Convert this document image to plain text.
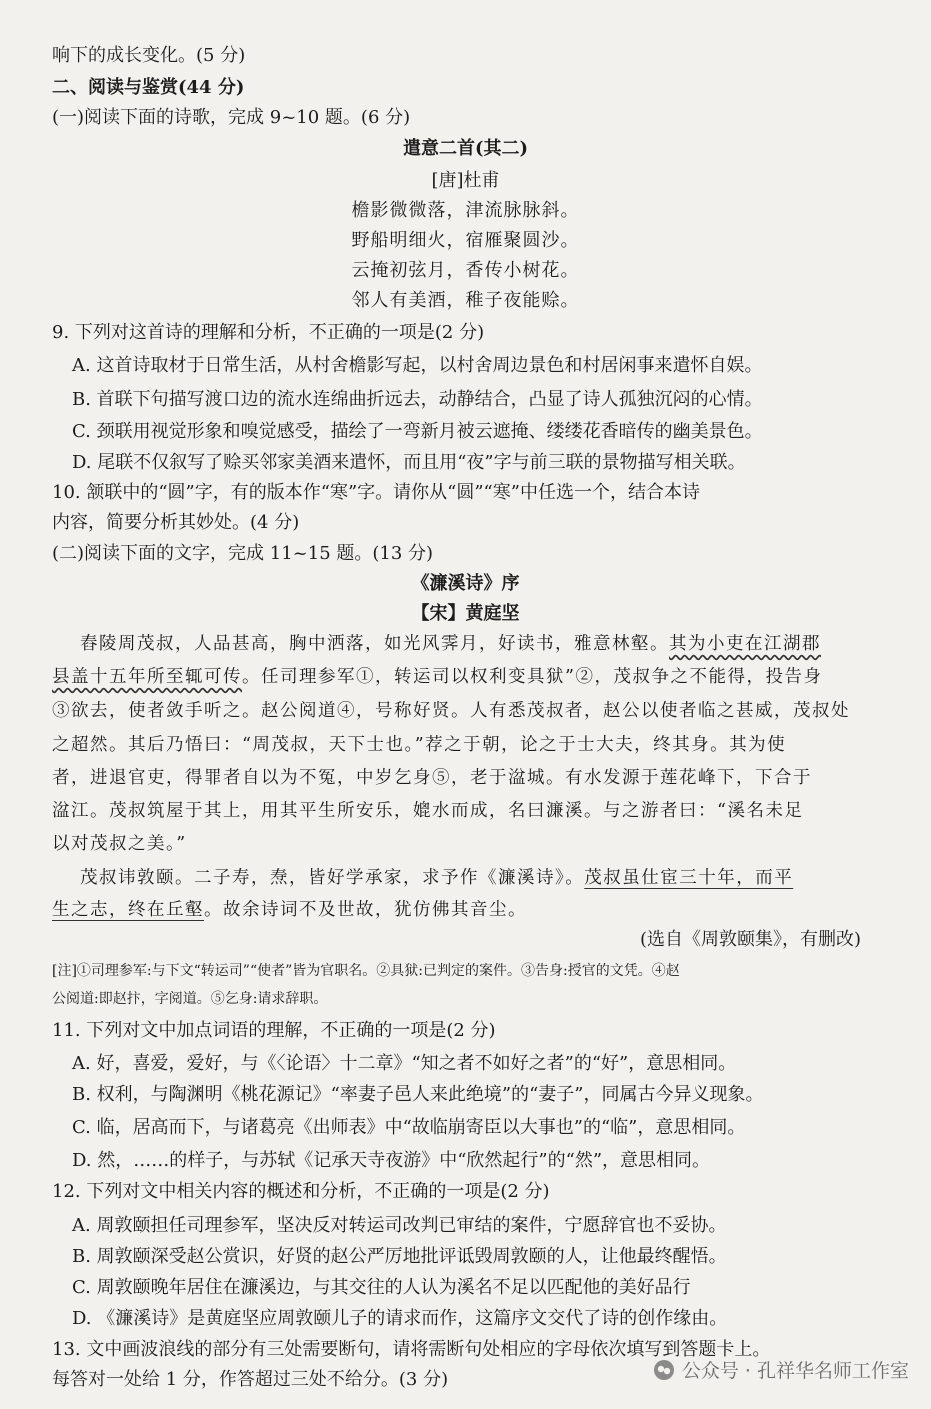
响下的成长变化。(5 分)
二、阅读与鉴赏(44 分)
(一)阅读下面的诗歌，完成 9~10 题。(6 分)
遣意二首(其二)
[唐]杜甫
檐影微微落，津流脉脉斜。
野船明细火，宿雁聚圆沙。
云掩初弦月，香传小树花。
邻人有美酒，稚子夜能赊。
9. 下列对这首诗的理解和分析，不正确的一项是(2 分)
A. 这首诗取材于日常生活，从村舍檐影写起，以村舍周边景色和村居闲事来遣怀自娱。
B. 首联下句描写渡口边的流水连绵曲折远去，动静结合，凸显了诗人孤独沉闷的心情。
C. 颈联用视觉形象和嗅觉感受，描绘了一弯新月被云遮掩、缕缕花香暗传的幽美景色。
D. 尾联不仅叙写了赊买邻家美酒来遣怀，而且用“夜”字与前三联的景物描写相关联。
10. 颔联中的“圆”字，有的版本作“寒”字。请你从“圆”“寒”中任选一个，结合本诗
内容，简要分析其妙处。(4 分)
(二)阅读下面的文字，完成 11~15 题。(13 分)
《濂溪诗》序
【宋】黄庭坚
舂陵周茂叔，人品甚高，胸中洒落，如光风霁月，好读书，雅意林壑。其为小吏在江湖郡
县盖十五年所至辄可传。任司理参军①，转运司以权利变具狱”②，茂叔争之不能得，投告身
③欲去，使者敛手听之。赵公阅道④，号称好贤。人有悉茂叔者，赵公以使者临之甚威，茂叔处
之超然。其后乃悟曰：“周茂叔，天下士也。”荐之于朝，论之于士大夫，终其身。其为使
者，进退官吏，得罪者自以为不冤，中岁乞身⑤，老于湓城。有水发源于莲花峰下，下合于
湓江。茂叔筑屋于其上，用其平生所安乐，媲水而成，名曰濂溪。与之游者曰：“溪名未足
以对茂叔之美。”
茂叔讳敦颐。二子寿，焘，皆好学承家，求予作《濂溪诗》。茂叔虽仕宦三十年，而平
生之志，终在丘壑。故余诗词不及世故，犹仿佛其音尘。
(选自《周敦颐集》，有删改)
[注]①司理参军:与下文“转运司”“使者”皆为官职名。②具狱:已判定的案件。③告身:授官的文凭。④赵
公阅道:即赵抃，字阅道。⑤乞身:请求辞职。
11. 下列对文中加点词语的理解，不正确的一项是(2 分)
A. 好，喜爱，爱好，与《〈论语〉十二章》“知之者不如好之者”的“好”，意思相同。
B. 权利，与陶渊明《桃花源记》“率妻子邑人来此绝境”的“妻子”，同属古今异义现象。
C. 临，居高而下，与诸葛亮《出师表》中“故临崩寄臣以大事也”的“临”，意思相同。
D. 然，……的样子，与苏轼《记承天寺夜游》中“欣然起行”的“然”，意思相同。
12. 下列对文中相关内容的概述和分析，不正确的一项是(2 分)
A. 周敦颐担任司理参军，坚决反对转运司改判已审结的案件，宁愿辞官也不妥协。
B. 周敦颐深受赵公赏识，好贤的赵公严厉地批评诋毁周敦颐的人，让他最终醒悟。
C. 周敦颐晚年居住在濂溪边，与其交往的人认为溪名不足以匹配他的美好品行
D. 《濂溪诗》是黄庭坚应周敦颐儿子的请求而作，这篇序文交代了诗的创作缘由。
13. 文中画波浪线的部分有三处需要断句，请将需断句处相应的字母依次填写到答题卡上。
每答对一处给 1 分，作答超过三处不给分。(3 分)	公众号 · 孔祥华名师工作室
